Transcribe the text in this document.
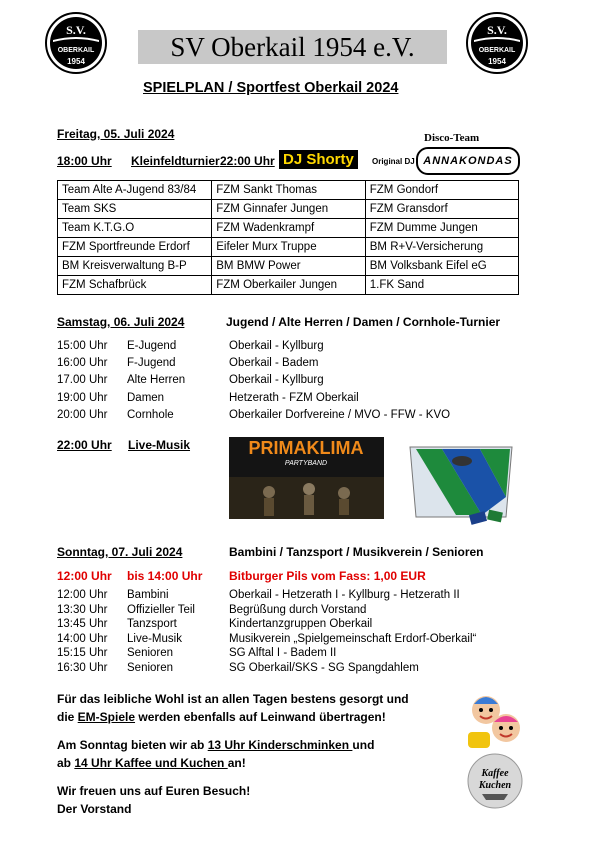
S.V.
OBERKAIL
1954
S.V.
OBERKAIL
1954
SV Oberkail 1954 e.V.
SPIELPLAN / Sportfest Oberkail 2024
Freitag, 05. Juli 2024
18:00 Uhr Kleinfeldturnier 22:00 Uhr DJ Shorty	Original DJ
Disco-Team
ANNAKONDAS
Team Alte A-Jugend 83/84	FZM Sankt Thomas	FZM Gondorf
Team SKS	FZM Ginnafer Jungen	FZM Gransdorf
Team K.T.G.O	FZM Wadenkrampf	FZM Dumme Jungen
FZM Sportfreunde Erdorf	Eifeler Murx Truppe	BM R+V-Versicherung
BM Kreisverwaltung B-P	BM BMW Power	BM Volksbank Eifel eG
FZM Schafbrück	FZM Oberkailer Jungen	1.FK Sand
Samstag, 06. Juli 2024	Jugend / Alte Herren / Damen / Cornhole-Turnier
15:00 Uhr E-Jugend	Oberkail - Kyllburg
16:00 Uhr F-Jugend	Oberkail - Badem
17.00 Uhr Alte Herren	Oberkail - Kyllburg
19:00 Uhr Damen	Hetzerath - FZM Oberkail
20:00 Uhr Cornhole	Oberkailer Dorfvereine / MVO - FFW - KVO
22:00 Uhr Live-Musik	PRIMAKLIMA
PARTYBAND
Sonntag, 07. Juli 2024	Bambini / Tanzsport / Musikverein / Senioren
12:00 Uhr bis 14:00 Uhr Bitburger Pils vom Fass: 1,00 EUR
12:00 Uhr Bambini	Oberkail - Hetzerath I - Kyllburg - Hetzerath II
13:30 Uhr Offizieller Teil	Begrüßung durch Vorstand
13:45 Uhr Tanzsport	Kindertanzgruppen Oberkail
14:00 Uhr Live-Musik	Musikverein „Spielgemeinschaft Erdorf-Oberkail“
15:15 Uhr Senioren	SG Alftal I - Badem II
16:30 Uhr Senioren	SG Oberkail/SKS - SG Spangdahlem
Für das leibliche Wohl ist an allen Tagen bestens gesorgt und
die EM-Spiele werden ebenfalls auf Leinwand übertragen!
Am Sonntag bieten wir ab 13 Uhr Kinderschminken und
ab 14 Uhr Kaffee und Kuchen an!
Wir freuen uns auf Euren Besuch!
Der Vorstand
Kaffee
Kuchen
